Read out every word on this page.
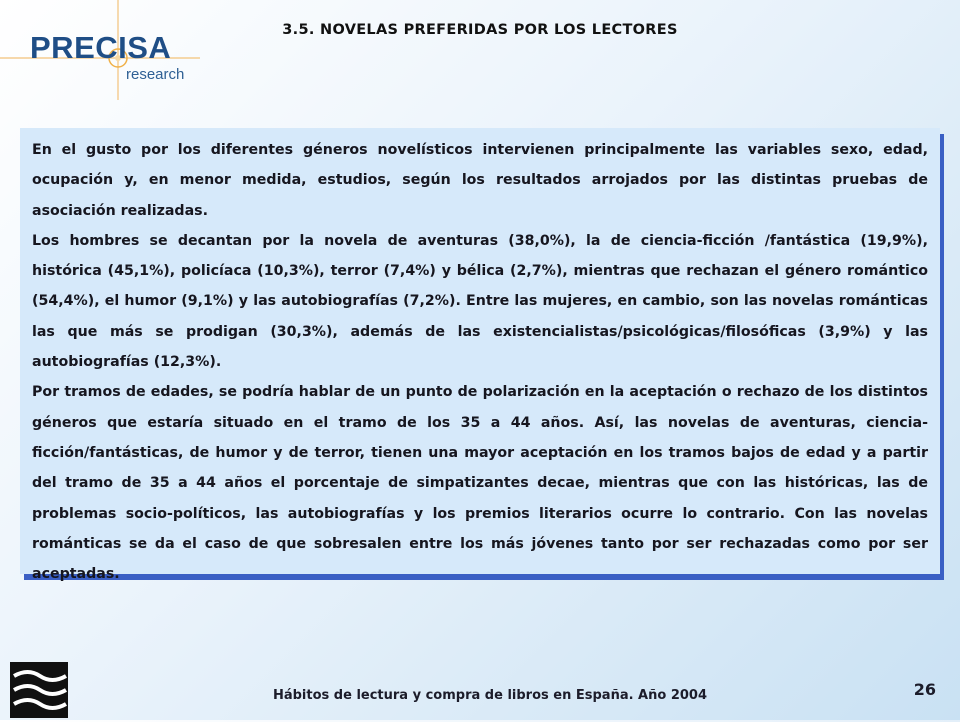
PRECISA
research
3.5. NOVELAS PREFERIDAS POR LOS LECTORES

En el gusto por los diferentes géneros novelísticos intervienen principalmente las variables sexo, edad, ocupación y, en menor medida, estudios, según los resultados arrojados por las distintas pruebas de asociación realizadas.

Los hombres se decantan por la novela de aventuras (38,0%), la de ciencia-ficción /fantástica (19,9%), histórica (45,1%), policíaca (10,3%), terror (7,4%) y bélica (2,7%), mientras que rechazan el género romántico (54,4%), el humor (9,1%) y las autobiografías (7,2%). Entre las mujeres, en cambio, son las novelas románticas las que más se prodigan (30,3%), además de las existencialistas/psicológicas/filosóficas (3,9%) y las autobiografías (12,3%).

Por tramos de edades, se podría hablar de un punto de polarización en la aceptación o rechazo de los distintos géneros que estaría situado en el tramo de los 35 a 44 años. Así, las novelas de aventuras, ciencia-ficción/fantásticas, de humor y de terror, tienen una mayor aceptación en los tramos bajos de edad y a partir del tramo de 35 a 44 años el porcentaje de simpatizantes decae, mientras que con las históricas, las de problemas socio-políticos, las autobiografías y los premios literarios ocurre lo contrario. Con las novelas románticas se da el caso de que sobresalen entre los más jóvenes tanto por ser rechazadas como por ser aceptadas.

Hábitos de lectura y compra de libros en España. Año 2004	26
